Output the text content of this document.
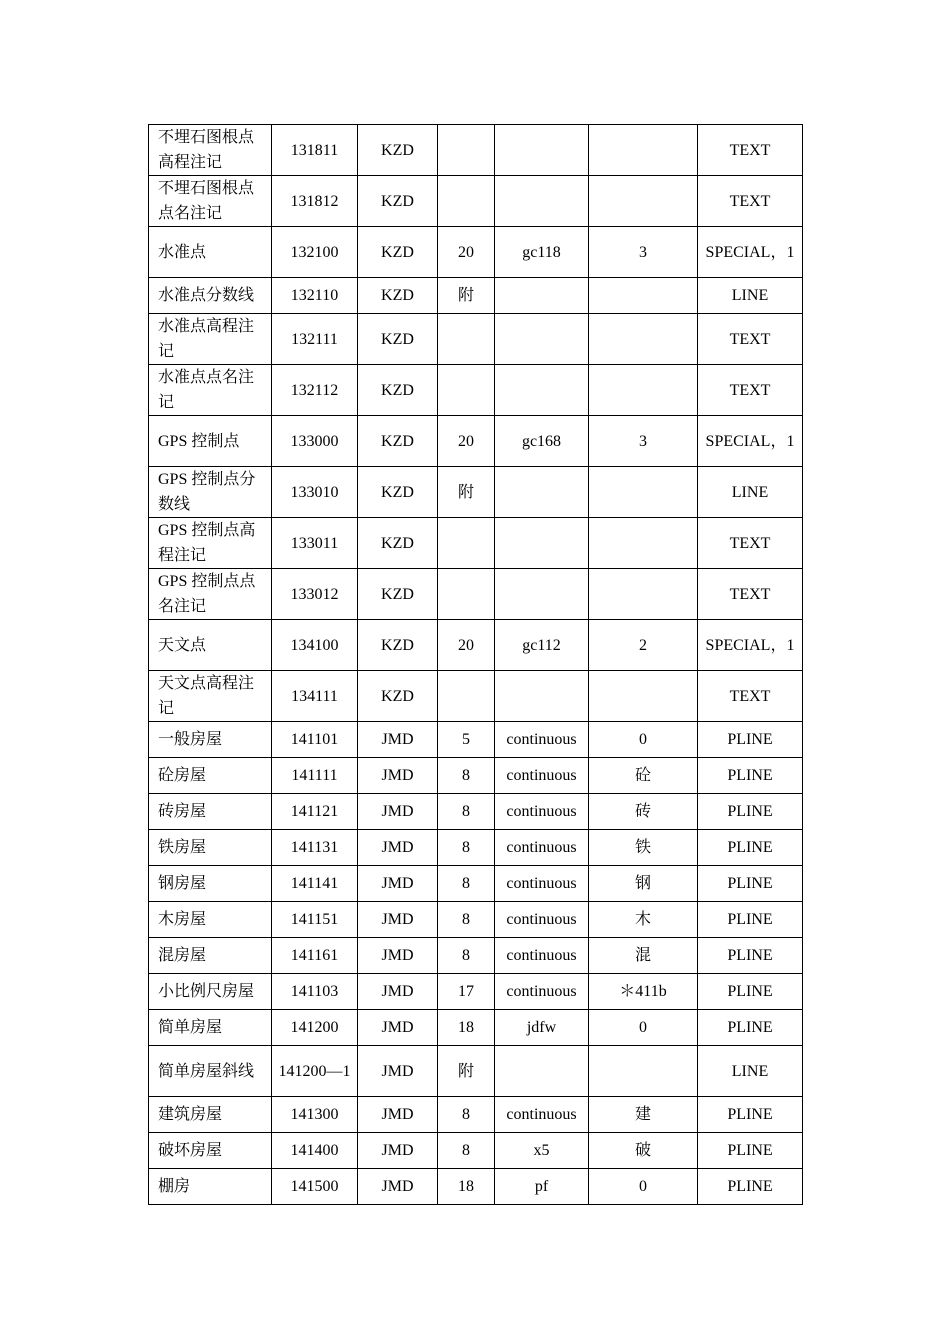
不埋石图根点高程注记	131811	KZD				TEXT
不埋石图根点点名注记	131812	KZD				TEXT
水准点	132100	KZD	20	gc118	3	SPECIAL，1
水准点分数线	132110	KZD	附			LINE
水准点高程注记	132111	KZD				TEXT
水准点点名注记	132112	KZD				TEXT
GPS 控制点	133000	KZD	20	gc168	3	SPECIAL，1
GPS 控制点分数线	133010	KZD	附			LINE
GPS 控制点高程注记	133011	KZD				TEXT
GPS 控制点点名注记	133012	KZD				TEXT
天文点	134100	KZD	20	gc112	2	SPECIAL，1
天文点高程注记	134111	KZD				TEXT
一般房屋	141101	JMD	5	continuous	0	PLINE
砼房屋	141111	JMD	8	continuous	砼	PLINE
砖房屋	141121	JMD	8	continuous	砖	PLINE
铁房屋	141131	JMD	8	continuous	铁	PLINE
钢房屋	141141	JMD	8	continuous	钢	PLINE
木房屋	141151	JMD	8	continuous	木	PLINE
混房屋	141161	JMD	8	continuous	混	PLINE
小比例尺房屋	141103	JMD	17	continuous	＊411b	PLINE
简单房屋	141200	JMD	18	jdfw	0	PLINE
简单房屋斜线	141200—1	JMD	附			LINE
建筑房屋	141300	JMD	8	continuous	建	PLINE
破坏房屋	141400	JMD	8	x5	破	PLINE
棚房	141500	JMD	18	pf	0	PLINE
